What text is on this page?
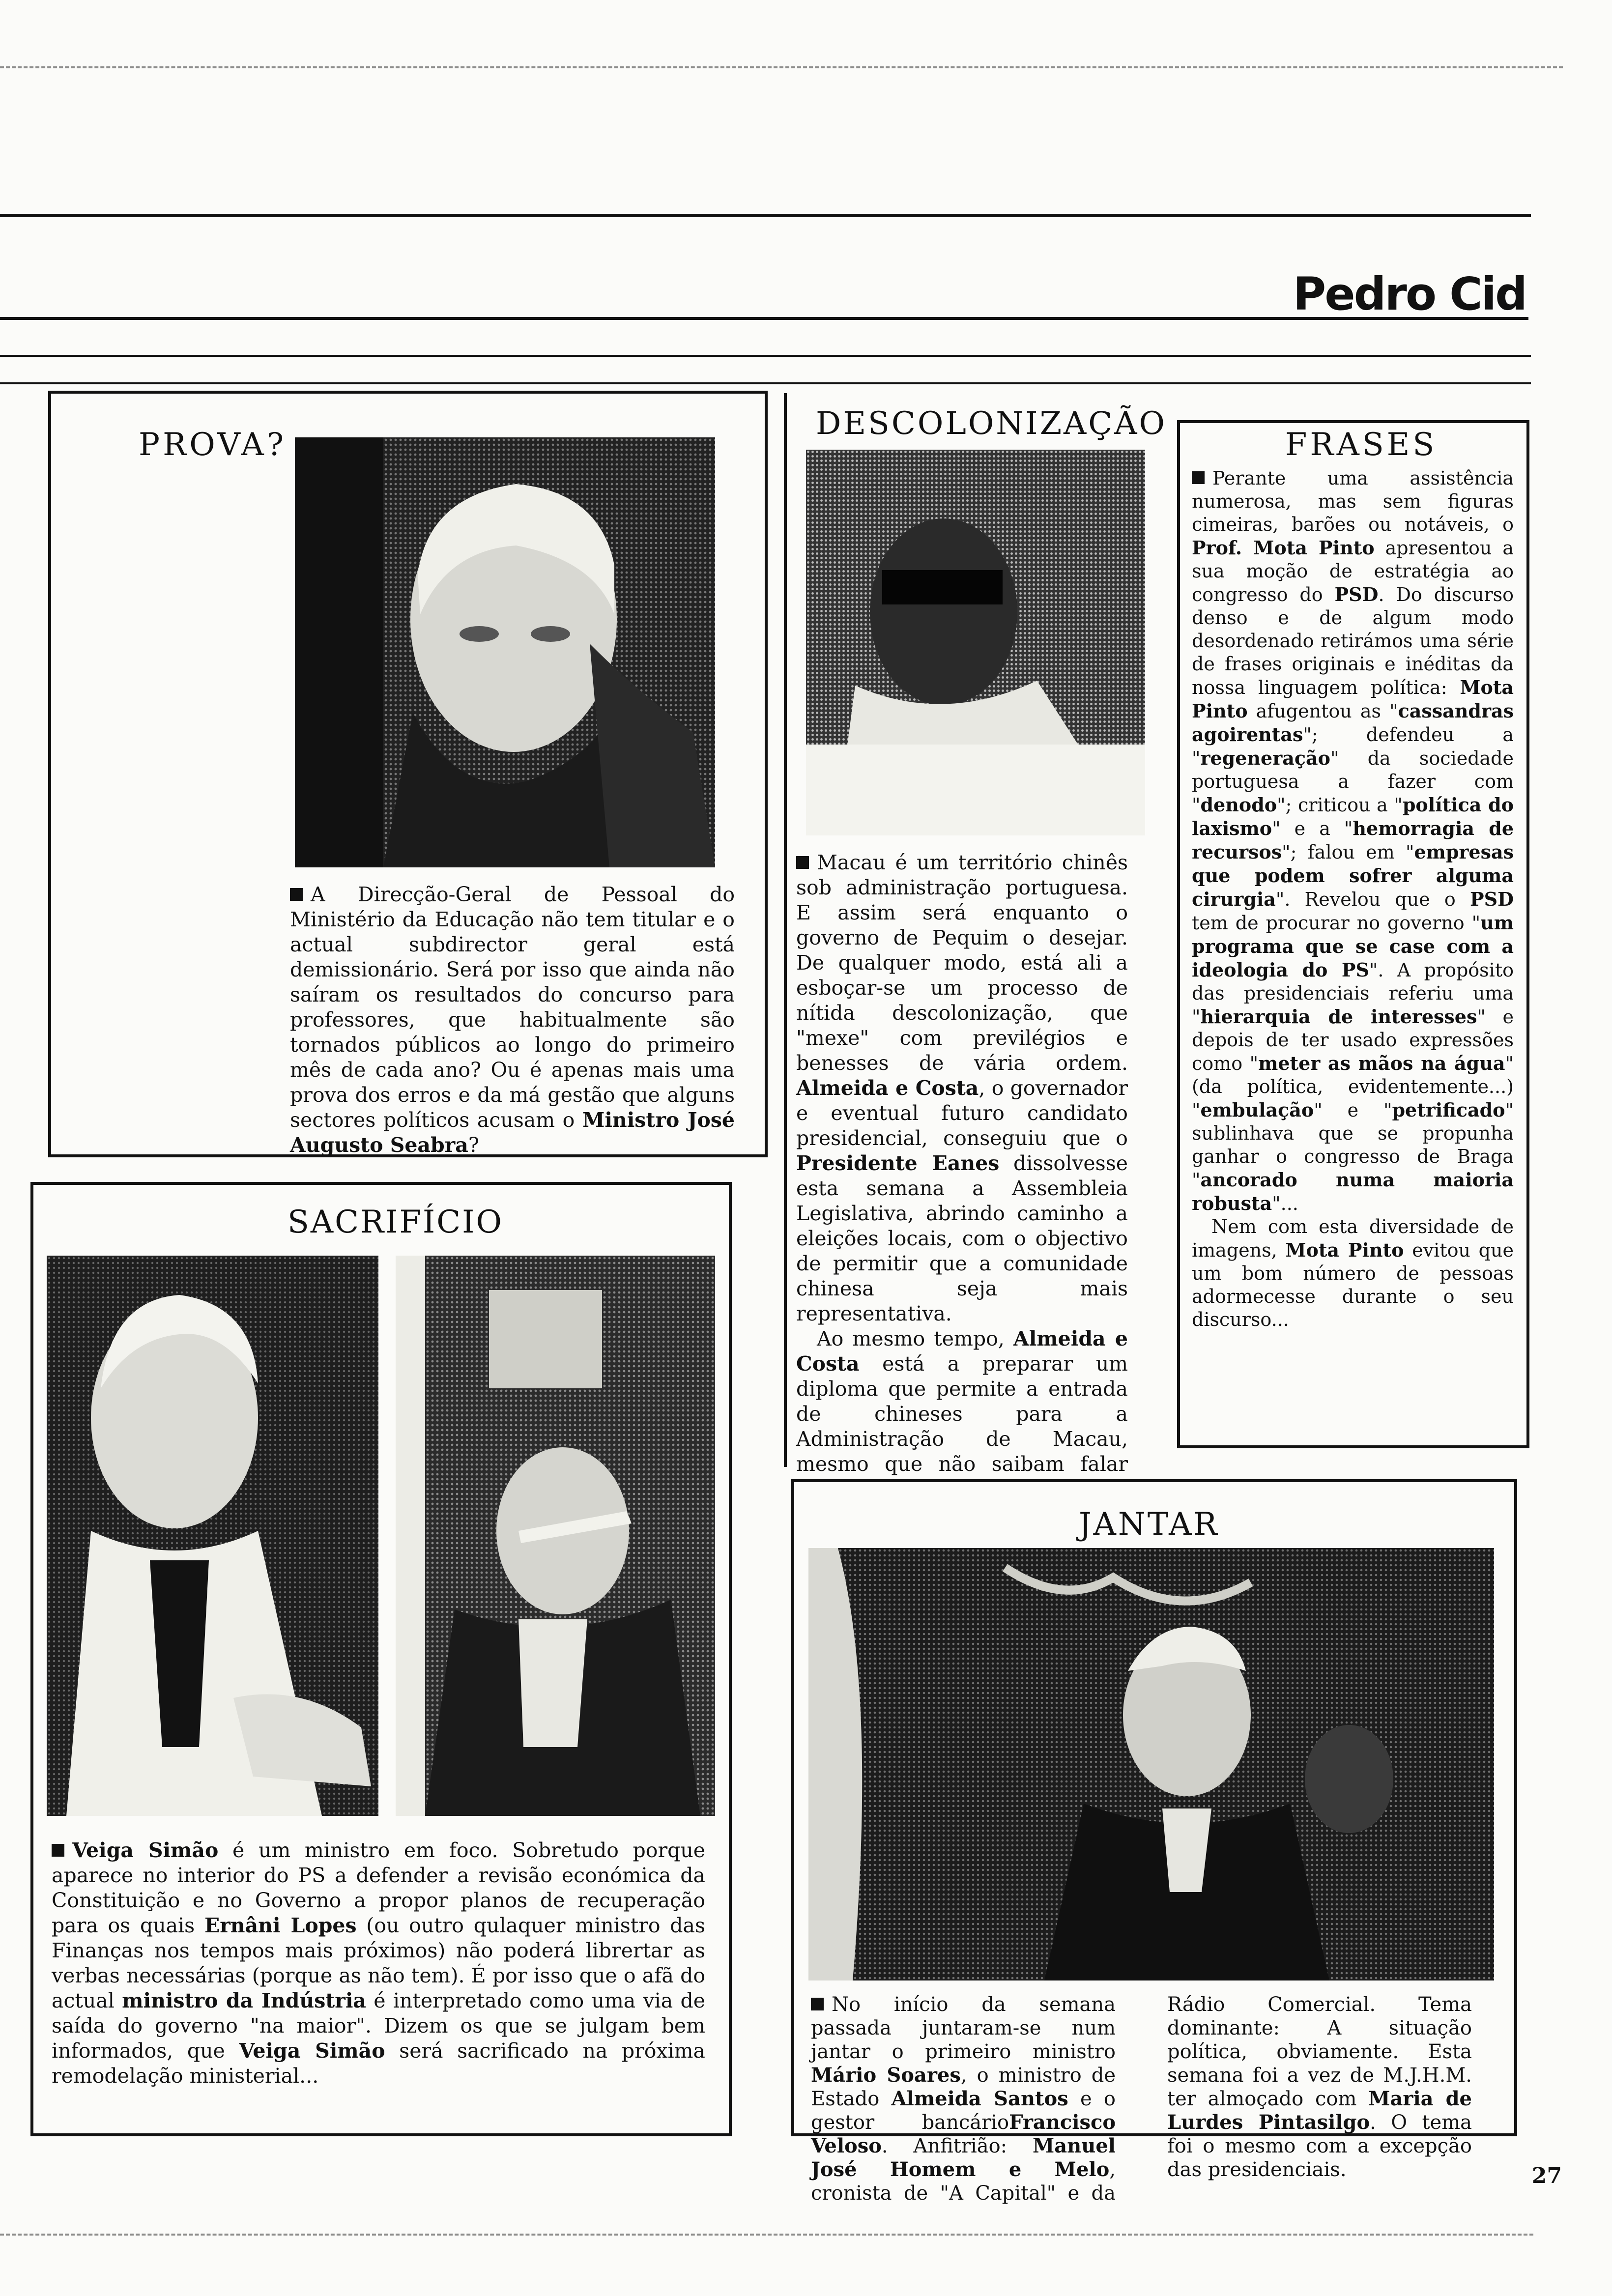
Pedro Cid
PROVA?
A Direcção-Geral de Pessoal do Ministério da Educação não tem titular e o actual subdirector geral está demissionário. Será por isso que ainda não saíram os resultados do concurso para professores, que habitualmente são tornados públicos ao longo do primeiro mês de cada ano? Ou é apenas mais uma prova dos erros e da má gestão que alguns sectores políticos acusam o Ministro José Augusto Seabra?
DESCOLONIZAÇÃO
Macau é um território chinês sob administração portuguesa. E assim será enquanto o governo de Pequim o desejar. De qualquer modo, está ali a esboçar-se um processo de nítida descolonização, que "mexe" com previlégios e benesses de vária ordem. Almeida e Costa, o governador e eventual futuro candidato presidencial, conseguiu que o Presidente Eanes dissolvesse esta semana a Assembleia Legislativa, abrindo caminho a eleições locais, com o objectivo de permitir que a comunidade chinesa seja mais representativa.
Ao mesmo tempo, Almeida e Costa está a preparar um diploma que permite a entrada de chineses para a Administração de Macau, mesmo que não saibam falar
FRASES
Perante uma assistência numerosa, mas sem figuras cimeiras, barões ou notáveis, o Prof. Mota Pinto apresentou a sua moção de estratégia ao congresso do PSD. Do discurso denso e de algum modo desordenado retirámos uma série de frases originais e inéditas da nossa linguagem política: Mota Pinto afugentou as "cassandras agoirentas"; defendeu a "regeneração" da sociedade portuguesa a fazer com "denodo"; criticou a "política do laxismo" e a "hemorragia de recursos"; falou em "empresas que podem sofrer alguma cirurgia". Revelou que o PSD tem de procurar no governo "um programa que se case com a ideologia do PS". A propósito das presidenciais referiu uma "hierarquia de interesses" e depois de ter usado expressões como "meter as mãos na água" (da política, evidentemente...) "embulação" e "petrificado" sublinhava que se propunha ganhar o congresso de Braga "ancorado numa maioria robusta"...
Nem com esta diversidade de imagens, Mota Pinto evitou que um bom número de pessoas adormecesse durante o seu discurso...
SACRIFÍCIO
Veiga Simão é um ministro em foco. Sobretudo porque aparece no interior do PS a defender a revisão económica da Constituição e no Governo a propor planos de recuperação para os quais Ernâni Lopes (ou outro qulaquer ministro das Finanças nos tempos mais próximos) não poderá librertar as verbas necessárias (porque as não tem). É por isso que o afã do actual ministro da Indústria é interpretado como uma via de saída do governo "na maior". Dizem os que se julgam bem informados, que Veiga Simão será sacrificado na próxima remodelação ministerial...
JANTAR
No início da semana passada juntaram-se num jantar o primeiro ministro Mário Soares, o ministro de Estado Almeida Santos e o gestor bancárioFrancisco Veloso. Anfitrião: Manuel José Homem e Melo, cronista de "A Capital" e da Rádio Comercial. Tema dominante: A situação política, obviamente. Esta semana foi a vez de M.J.H.M. ter almoçado com Maria de Lurdes Pintasilgo. O tema foi o mesmo com a excepção das presidenciais.	27
